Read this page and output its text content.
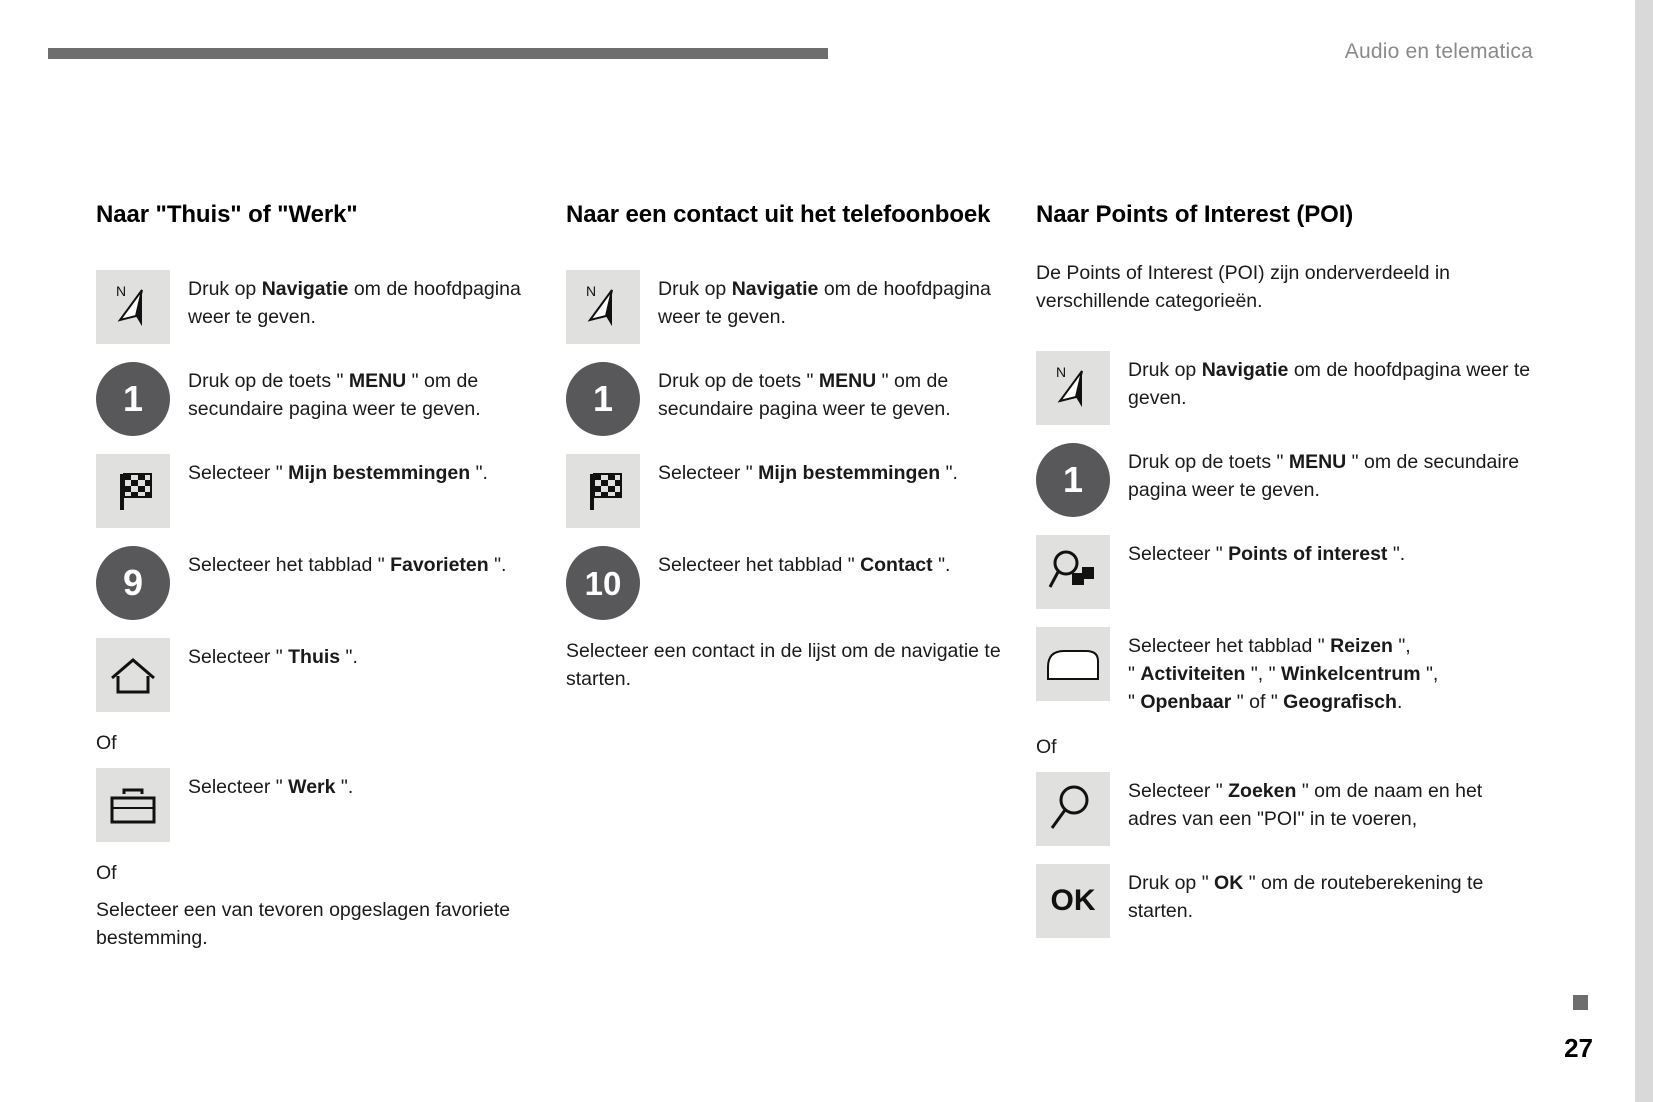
Audio en telematica
Naar "Thuis" of "Werk"
N	Druk op Navigatie om de hoofdpagina weer te geven.
1	Druk op de toets " MENU " om de secundaire pagina weer te geven.
Selecteer " Mijn bestemmingen ".
9	Selecteer het tabblad " Favorieten ".
Selecteer " Thuis ".
Of
Selecteer " Werk ".
Of
Selecteer een van tevoren opgeslagen favoriete bestemming.
Naar een contact uit het telefoonboek
N	Druk op Navigatie om de hoofdpagina weer te geven.
1	Druk op de toets " MENU " om de secundaire pagina weer te geven.
Selecteer " Mijn bestemmingen ".
10	Selecteer het tabblad " Contact ".
Selecteer een contact in de lijst om de navigatie te starten.
Naar Points of Interest (POI)

De Points of Interest (POI) zijn onderverdeeld in verschillende categorieën.

N	Druk op Navigatie om de hoofdpagina weer te geven.
1	Druk op de toets " MENU " om de secundaire pagina weer te geven.
Selecteer " Points of interest ".
Selecteer het tabblad " Reizen ",
" Activiteiten ", " Winkelcentrum ",
" Openbaar " of " Geografisch.
Of
Selecteer " Zoeken " om de naam en het adres van een "POI" in te voeren,
OK
Druk op " OK " om de routeberekening te starten.
27
